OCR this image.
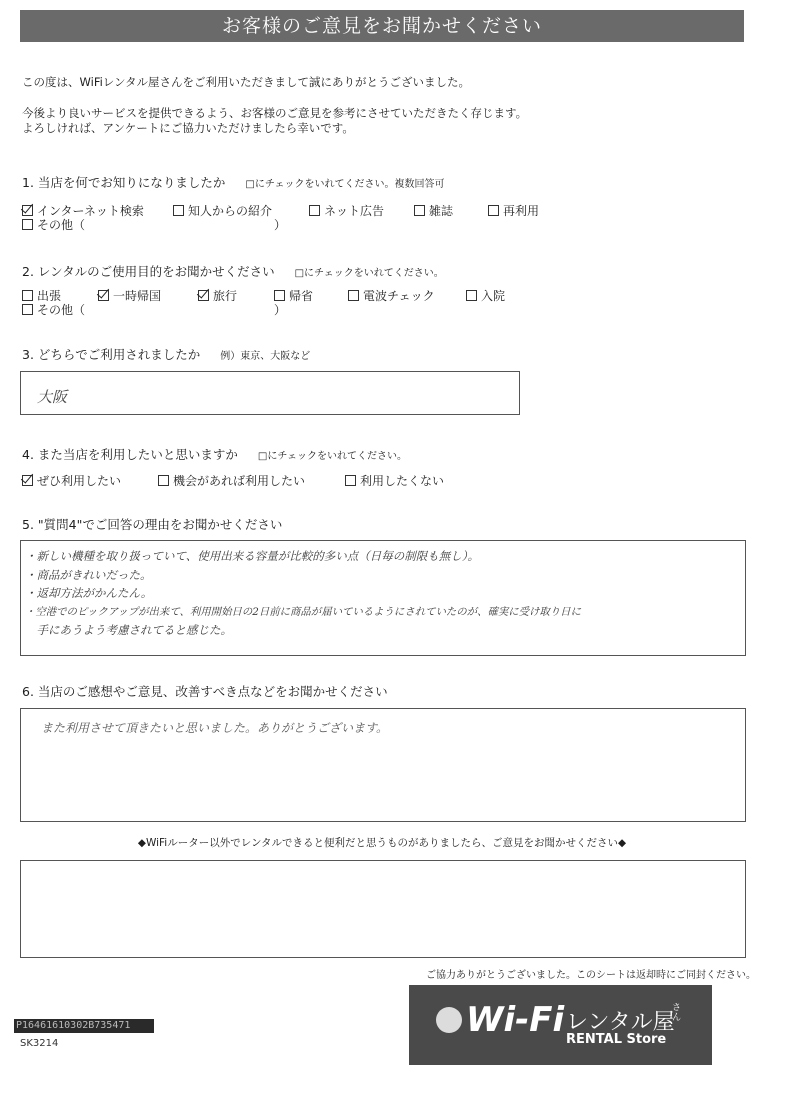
お客様のご意見をお聞かせください
この度は、WiFiレンタル屋さんをご利用いただきまして誠にありがとうございました。
今後より良いサービスを提供できるよう、お客様のご意見を参考にさせていただきたく存じます。
よろしければ、アンケートにご協力いただけましたら幸いです。
1. 当店を何でお知りになりましたか □にチェックをいれてください。複数回答可
インターネット検索	知人からの紹介	ネット広告	雑誌	再利用
その他（	）
2. レンタルのご使用目的をお聞かせください □にチェックをいれてください。
出張	一時帰国	旅行	帰省	電波チェック	入院
その他（	）
3. どちらでご利用されましたか 例）東京、大阪など
大阪
4. また当店を利用したいと思いますか □にチェックをいれてください。
ぜひ利用したい	機会があれば利用したい	利用したくない
5. "質問4"でご回答の理由をお聞かせください
・新しい機種を取り扱っていて、使用出来る容量が比較的多い点（日毎の制限も無し）。
・商品がきれいだった。
・返却方法がかんたん。
・空港でのピックアップが出来て、利用開始日の2日前に商品が届いているようにされていたのが、確実に受け取り日に
　手にあうよう考慮されてると感じた。
6. 当店のご感想やご意見、改善すべき点などをお聞かせください
また利用させて頂きたいと思いました。ありがとうございます。
◆WiFiルーター以外でレンタルできると便利だと思うものがありましたら、ご意見をお聞かせください◆
ご協力ありがとうございました。このシートは返却時にご同封ください。
Wi-Fi レンタル屋
さん
RENTAL Store
P16461610302B735471
SK3214
